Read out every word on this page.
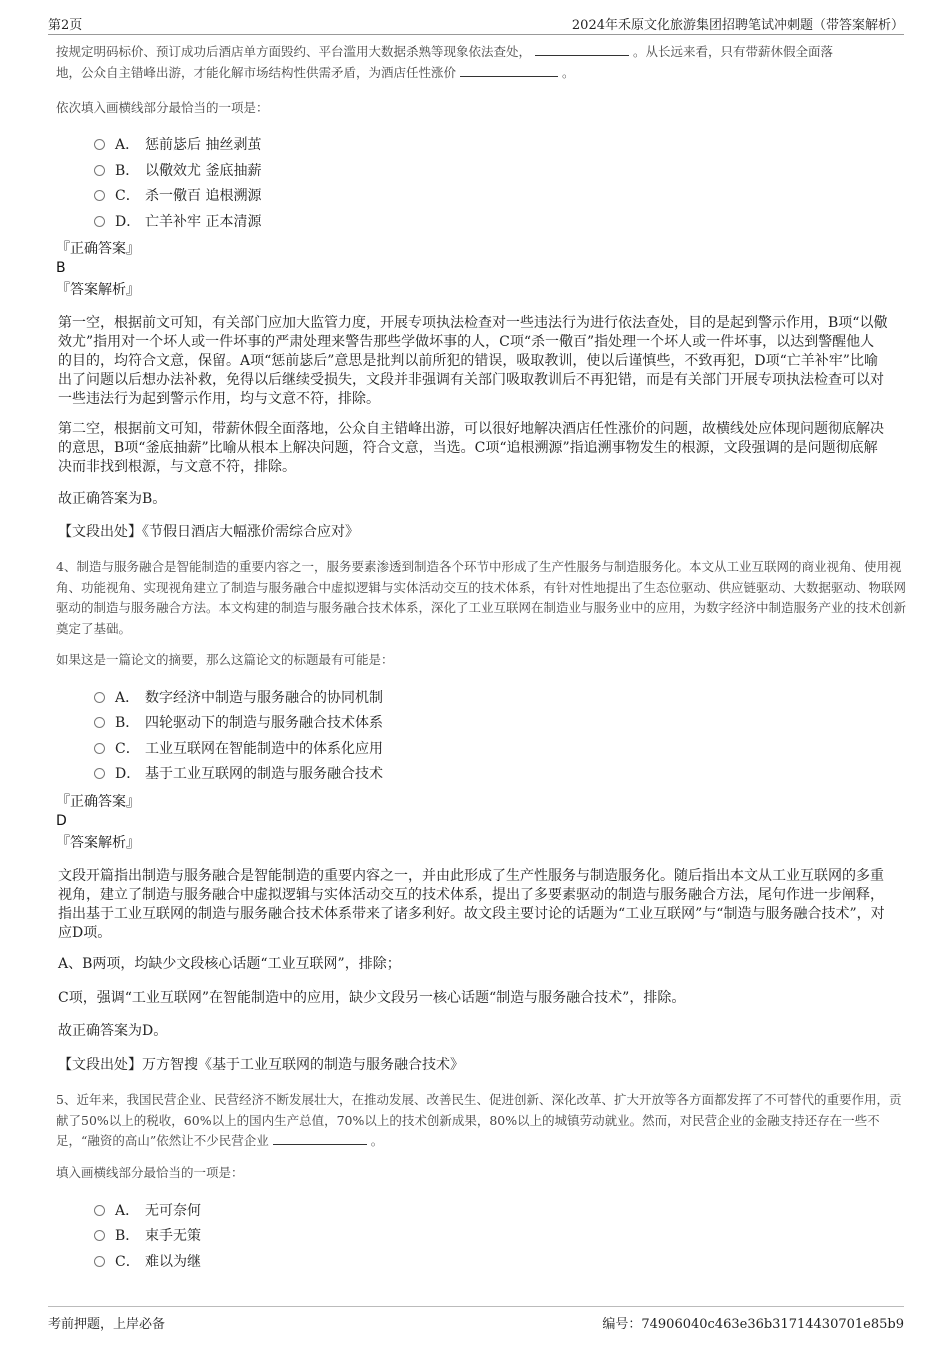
第2页	2024年禾原文化旅游集团招聘笔试冲刺题（带答案解析）
按规定明码标价、预订成功后酒店单方面毁约、平台滥用大数据杀熟等现象依法查处，	。从长远来看，只有带薪休假全面落
地，公众自主错峰出游，才能化解市场结构性供需矛盾，为酒店任性涨价	。
依次填入画横线部分最恰当的一项是：
A． 惩前毖后 抽丝剥茧
B． 以儆效尤 釜底抽薪
C． 杀一儆百 追根溯源
D． 亡羊补牢 正本清源
『正确答案』
B
『答案解析』
第一空，根据前文可知，有关部门应加大监管力度，开展专项执法检查对一些违法行为进行依法查处，目的是起到警示作用，B项“以儆效尤”指用对一个坏人或一件坏事的严肃处理来警告那些学做坏事的人，C项“杀一儆百”指处理一个坏人或一件坏事，以达到警醒他人的目的，均符合文意，保留。A项“惩前毖后”意思是批判以前所犯的错误，吸取教训，使以后谨慎些，不致再犯，D项“亡羊补牢”比喻出了问题以后想办法补救，免得以后继续受损失，文段并非强调有关部门吸取教训后不再犯错，而是有关部门开展专项执法检查可以对一些违法行为起到警示作用，均与文意不符，排除。
第二空，根据前文可知，带薪休假全面落地，公众自主错峰出游，可以很好地解决酒店任性涨价的问题，故横线处应体现问题彻底解决的意思，B项“釜底抽薪”比喻从根本上解决问题，符合文意，当选。C项“追根溯源”指追溯事物发生的根源，文段强调的是问题彻底解决而非找到根源，与文意不符，排除。
故正确答案为B。
【文段出处】《节假日酒店大幅涨价需综合应对》
4、制造与服务融合是智能制造的重要内容之一，服务要素渗透到制造各个环节中形成了生产性服务与制造服务化。本文从工业互联网的商业视角、使用视角、功能视角、实现视角建立了制造与服务融合中虚拟逻辑与实体活动交互的技术体系，有针对性地提出了生态位驱动、供应链驱动、大数据驱动、物联网驱动的制造与服务融合方法。本文构建的制造与服务融合技术体系，深化了工业互联网在制造业与服务业中的应用，为数字经济中制造服务产业的技术创新奠定了基础。
如果这是一篇论文的摘要，那么这篇论文的标题最有可能是：
A． 数字经济中制造与服务融合的协同机制
B． 四轮驱动下的制造与服务融合技术体系
C． 工业互联网在智能制造中的体系化应用
D． 基于工业互联网的制造与服务融合技术
『正确答案』
D
『答案解析』
文段开篇指出制造与服务融合是智能制造的重要内容之一，并由此形成了生产性服务与制造服务化。随后指出本文从工业互联网的多重视角，建立了制造与服务融合中虚拟逻辑与实体活动交互的技术体系，提出了多要素驱动的制造与服务融合方法，尾句作进一步阐释，指出基于工业互联网的制造与服务融合技术体系带来了诸多利好。故文段主要讨论的话题为“工业互联网”与“制造与服务融合技术”，对应D项。
A、B两项，均缺少文段核心话题“工业互联网”，排除；
C项，强调“工业互联网”在智能制造中的应用，缺少文段另一核心话题“制造与服务融合技术”，排除。
故正确答案为D。
【文段出处】万方智搜《基于工业互联网的制造与服务融合技术》
5、近年来，我国民营企业、民营经济不断发展壮大，在推动发展、改善民生、促进创新、深化改革、扩大开放等各方面都发挥了不可替代的重要作用，贡献了50%以上的税收，60%以上的国内生产总值，70%以上的技术创新成果，80%以上的城镇劳动就业。然而，对民营企业的金融支持还存在一些不足，“融资的高山”依然让不少民营企业	。
填入画横线部分最恰当的一项是：
A． 无可奈何
B． 束手无策
C． 难以为继
考前押题，上岸必备	编号：74906040c463e36b31714430701e85b9
